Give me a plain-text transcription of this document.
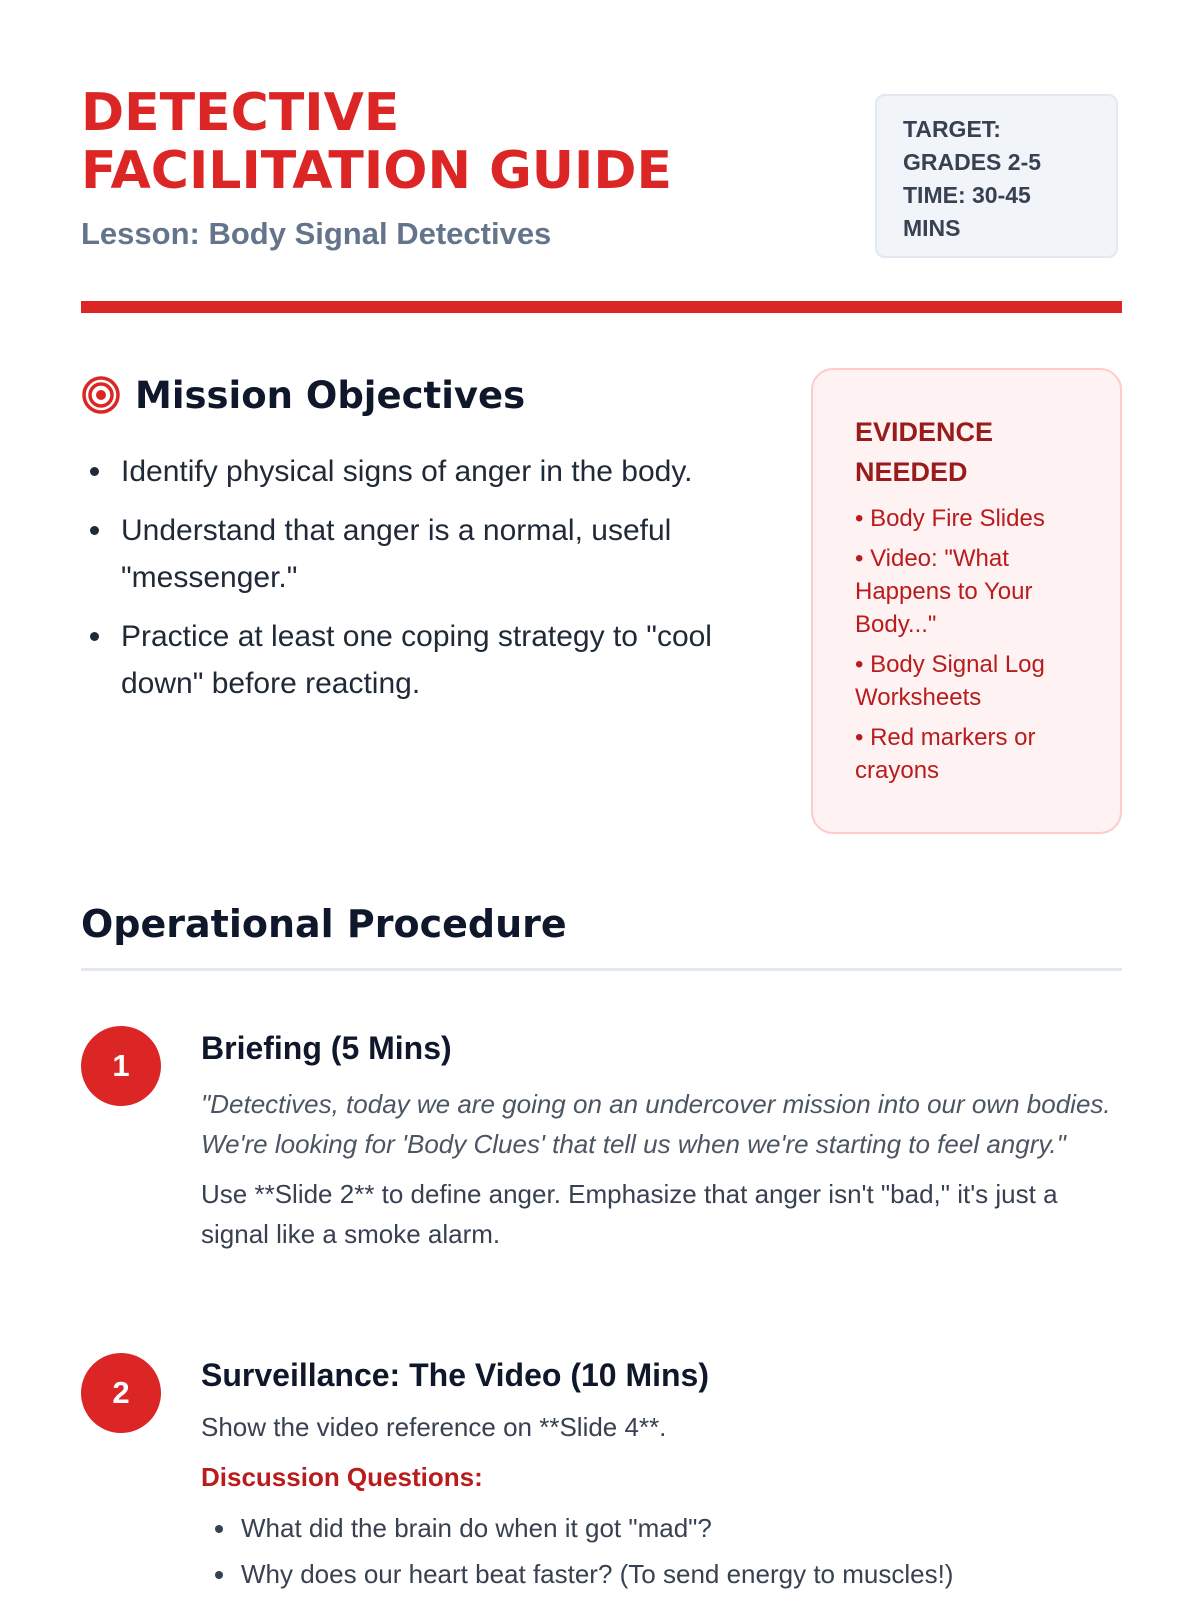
DETECTIVE
FACILITATION GUIDE

Lesson: Body Signal Detectives

TARGET:
GRADES 2-5
TIME: 30-45
MINS
Mission Objectives
Identify physical signs of anger in the body.
Understand that anger is a normal, useful "messenger."
Practice at least one coping strategy to "cool down" before reacting.
EVIDENCE NEEDED
• Body Fire Slides
• Video: "What Happens to Your Body..."
• Body Signal Log Worksheets
• Red markers or crayons
Operational Procedure
1	Briefing (5 Mins)

"Detectives, today we are going on an undercover mission into our own bodies. We're looking for 'Body Clues' that tell us when we're starting to feel angry."

Use **Slide 2** to define anger. Emphasize that anger isn't "bad," it's just a signal like a smoke alarm.

2	Surveillance: The Video (10 Mins)

Show the video reference on **Slide 4**.

Discussion Questions:

What did the brain do when it got "mad"?
Why does our heart beat faster? (To send energy to muscles!)
